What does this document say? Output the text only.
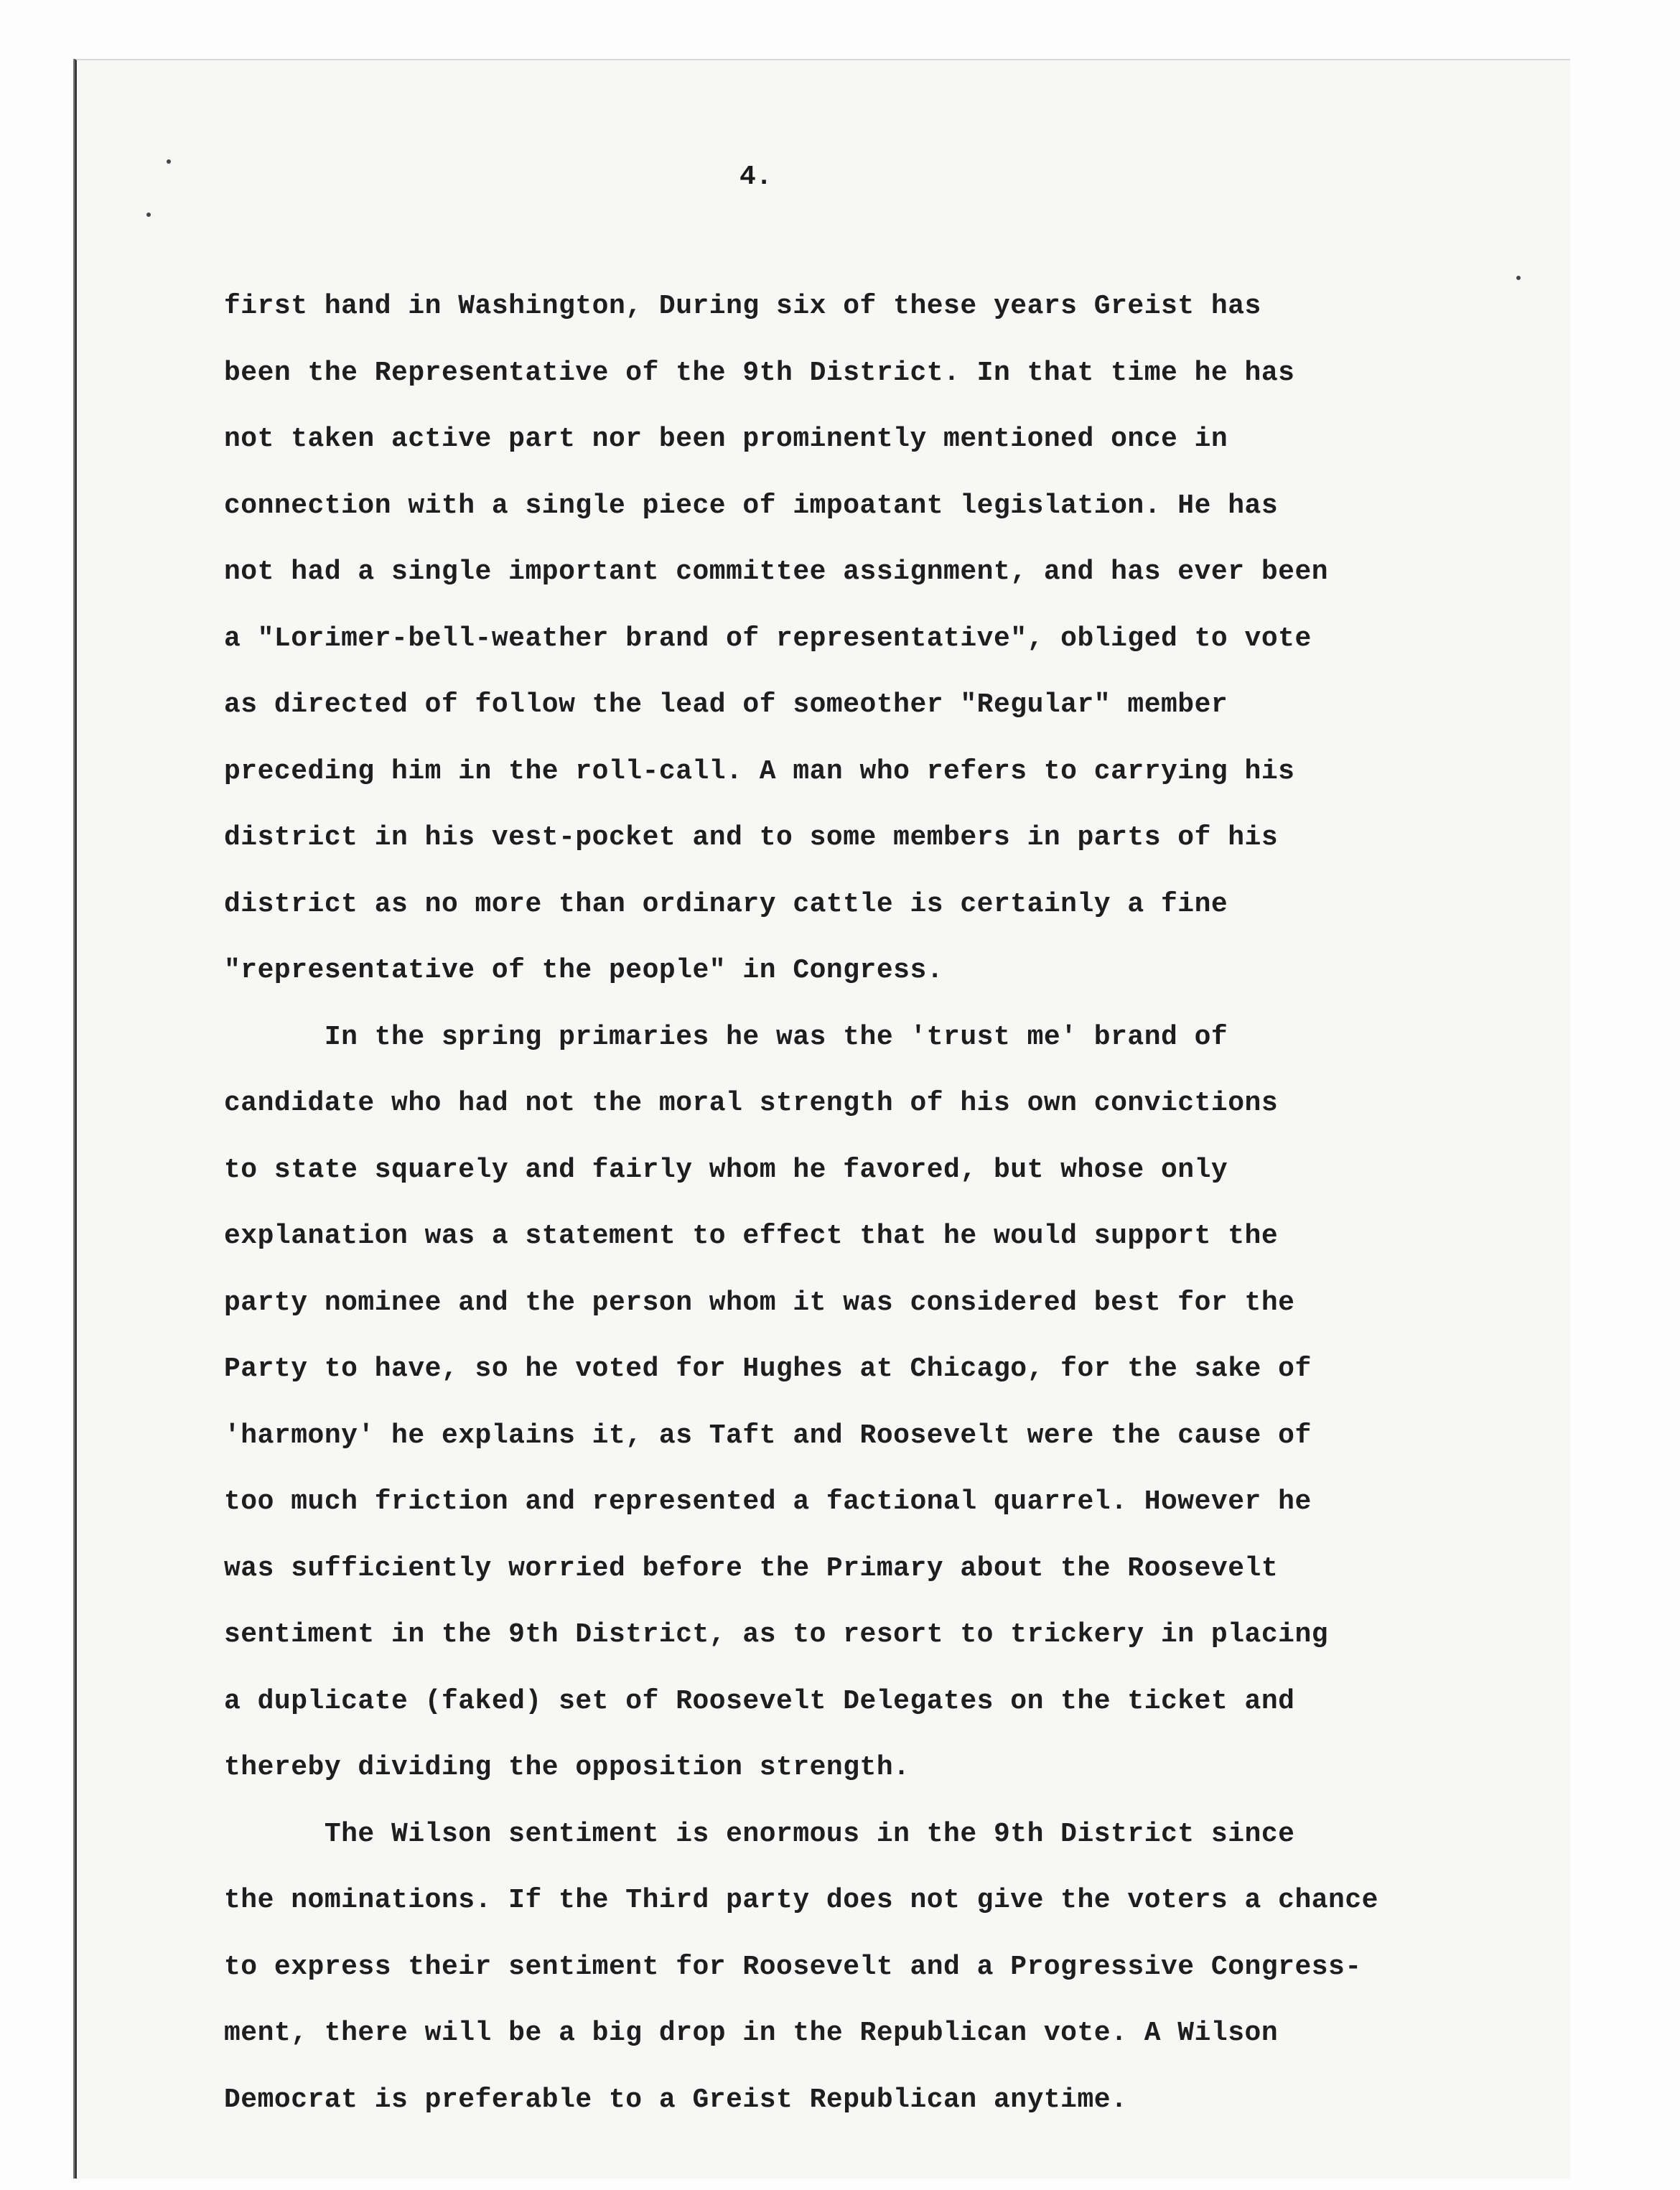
4.

first hand in Washington, During six of these years Greist has

been the Representative of the 9th District. In that time he has

not taken active part nor been prominently mentioned once in

connection with a single piece of impoatant legislation. He has

not had a single important committee assignment, and has ever been

a "Lorimer-bell-weather brand of representative", obliged to vote

as directed of follow the lead of someother "Regular" member

preceding him in the roll-call. A man who refers to carrying his

district in his vest-pocket and to some members in parts of his

district as no more than ordinary cattle is certainly a fine

"representative of the people" in Congress.

In the spring primaries he was the 'trust me' brand of

candidate who had not the moral strength of his own convictions

to state squarely and fairly whom he favored, but whose only

explanation was a statement to effect that he would support the

party nominee and the person whom it was considered best for the

Party to have, so he voted for Hughes at Chicago, for the sake of

'harmony' he explains it, as Taft and Roosevelt were the cause of

too much friction and represented a factional quarrel. However he

was sufficiently worried before the Primary about the Roosevelt

sentiment in the 9th District, as to resort to trickery in placing

a duplicate (faked) set of Roosevelt Delegates on the ticket and

thereby dividing the opposition strength.

The Wilson sentiment is enormous in the 9th District since

the nominations. If the Third party does not give the voters a chance

to express their sentiment for Roosevelt and a Progressive Congress-

ment, there will be a big drop in the Republican vote. A Wilson

Democrat is preferable to a Greist Republican anytime.
